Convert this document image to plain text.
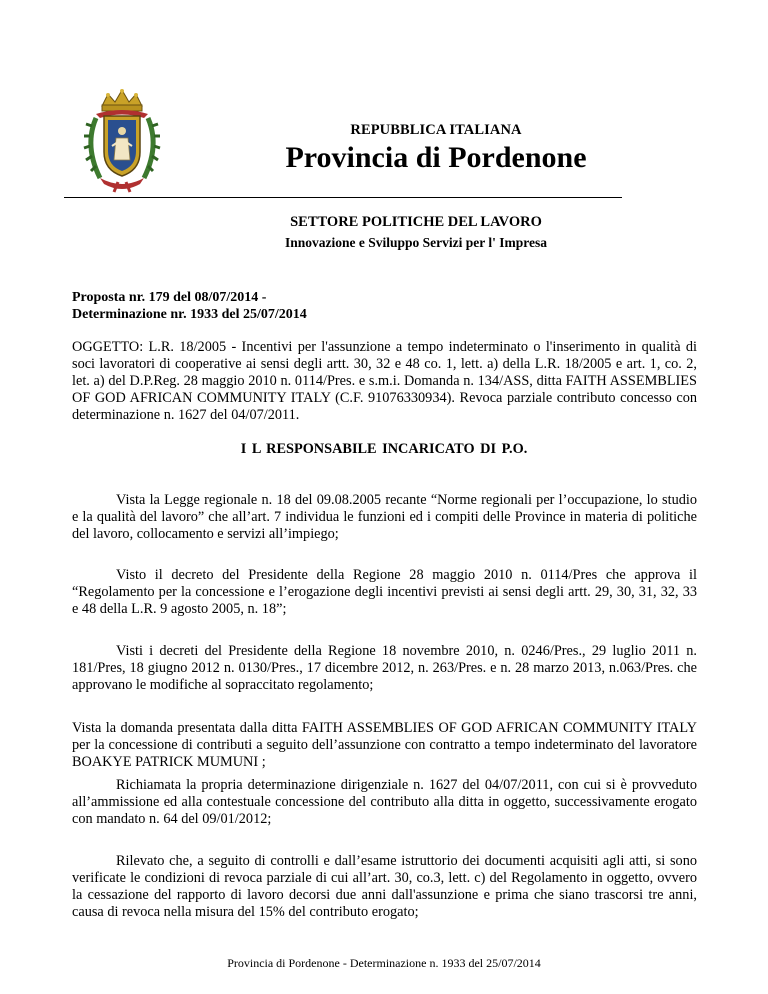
REPUBBLICA ITALIANA
Provincia di Pordenone
SETTORE POLITICHE DEL LAVORO
Innovazione e Sviluppo Servizi per l' Impresa
Proposta nr. 179 del 08/07/2014 -
Determinazione nr. 1933 del 25/07/2014

OGGETTO: L.R. 18/2005 - Incentivi per l'assunzione a tempo indeterminato o l'inserimento in qualità di soci lavoratori di cooperative ai sensi degli artt. 30, 32 e 48 co. 1, lett. a) della L.R. 18/2005 e art. 1, co. 2, let. a) del D.P.Reg. 28 maggio 2010 n. 0114/Pres. e s.m.i. Domanda n. 134/ASS, ditta FAITH ASSEMBLIES OF GOD AFRICAN COMMUNITY ITALY (C.F. 91076330934). Revoca parziale contributo concesso con determinazione n. 1627 del 04/07/2011.

I L RESPONSABILE INCARICATO DI P.O.

Vista la Legge regionale n. 18 del 09.08.2005 recante “Norme regionali per l’occupazione, lo studio e la qualità del lavoro” che all’art. 7 individua le funzioni ed i compiti delle Province in materia di politiche del lavoro, collocamento e servizi all’impiego;

Visto il decreto del Presidente della Regione 28 maggio 2010 n. 0114/Pres che approva il “Regolamento per la concessione e l’erogazione degli incentivi previsti ai sensi degli artt. 29, 30, 31, 32, 33 e 48 della L.R. 9 agosto 2005, n. 18”;

Visti i decreti del Presidente della Regione 18 novembre 2010, n. 0246/Pres., 29 luglio 2011 n. 181/Pres, 18 giugno 2012 n. 0130/Pres., 17 dicembre 2012, n. 263/Pres. e n. 28 marzo 2013, n.063/Pres. che approvano le modifiche al sopraccitato regolamento;

Vista la domanda presentata dalla ditta FAITH ASSEMBLIES OF GOD AFRICAN COMMUNITY ITALY per la concessione di contributi a seguito dell’assunzione con contratto a tempo indeterminato del lavoratore BOAKYE PATRICK MUMUNI ;

Richiamata la propria determinazione dirigenziale n. 1627 del 04/07/2011, con cui si è provveduto all’ammissione ed alla contestuale concessione del contributo alla ditta in oggetto, successivamente erogato con mandato n. 64 del 09/01/2012;

Rilevato che, a seguito di controlli e dall’esame istruttorio dei documenti acquisiti agli atti, si sono verificate le condizioni di revoca parziale di cui all’art. 30, co.3, lett. c) del Regolamento in oggetto, ovvero la cessazione del rapporto di lavoro decorsi due anni dall'assunzione e prima che siano trascorsi tre anni, causa di revoca nella misura del 15% del contributo erogato;

Provincia di Pordenone - Determinazione n. 1933 del 25/07/2014
